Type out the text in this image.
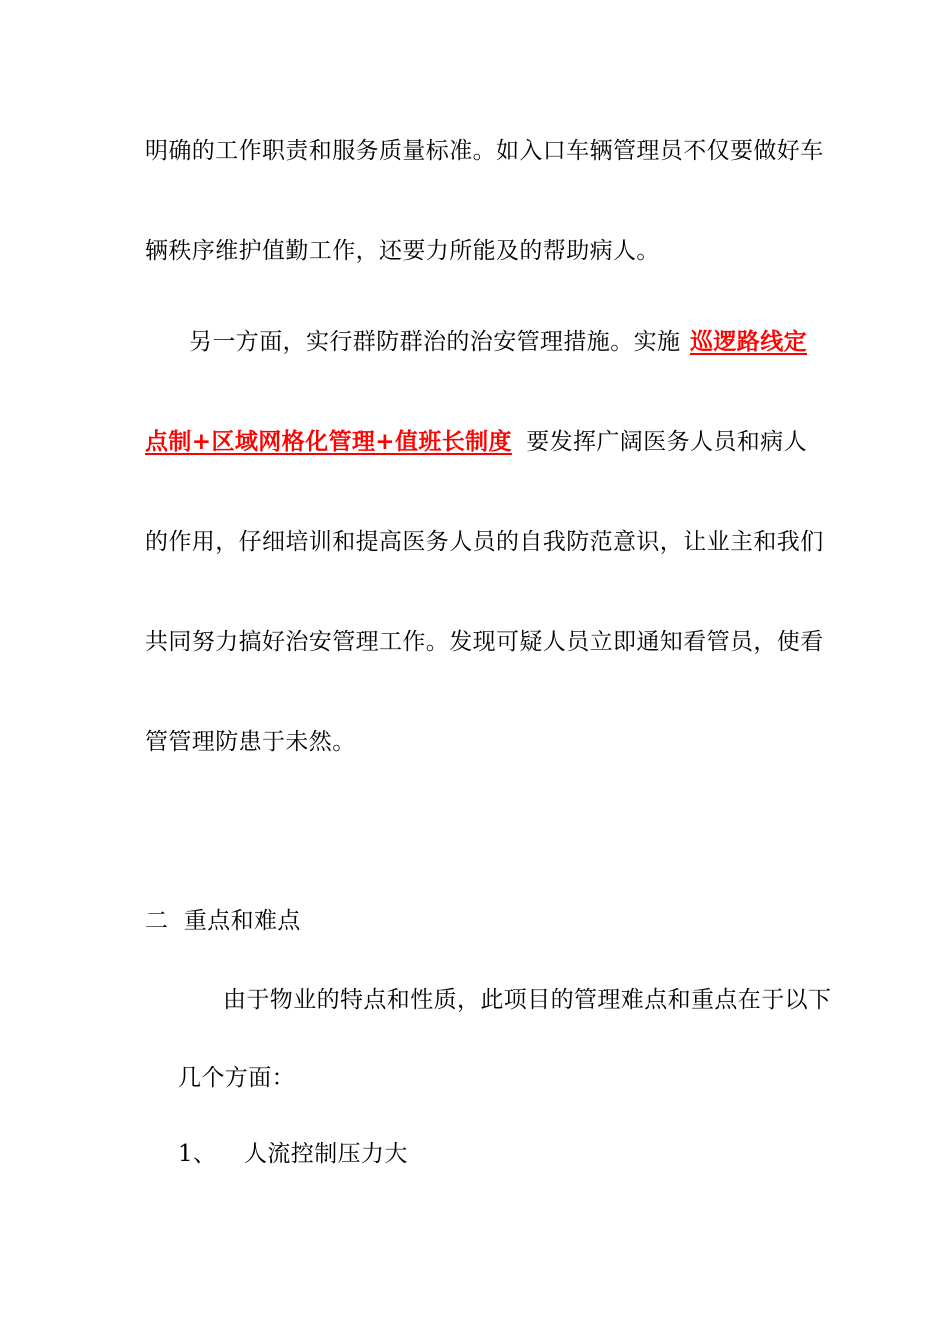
明确的工作职责和服务质量标准。如入口车辆管理员不仅要做好车
辆秩序维护值勤工作，还要力所能及的帮助病人。
另一方面，实行群防群治的治安管理措施。实施 巡逻路线定
点制+区域网格化管理+值班长制度 要发挥广阔医务人员和病人
的作用，仔细培训和提高医务人员的自我防范意识，让业主和我们
共同努力搞好治安管理工作。发现可疑人员立即通知看管员，使看
管管理防患于未然。
二  重点和难点
由于物业的特点和性质，此项目的管理难点和重点在于以下
几个方面：
1、 人流控制压力大
